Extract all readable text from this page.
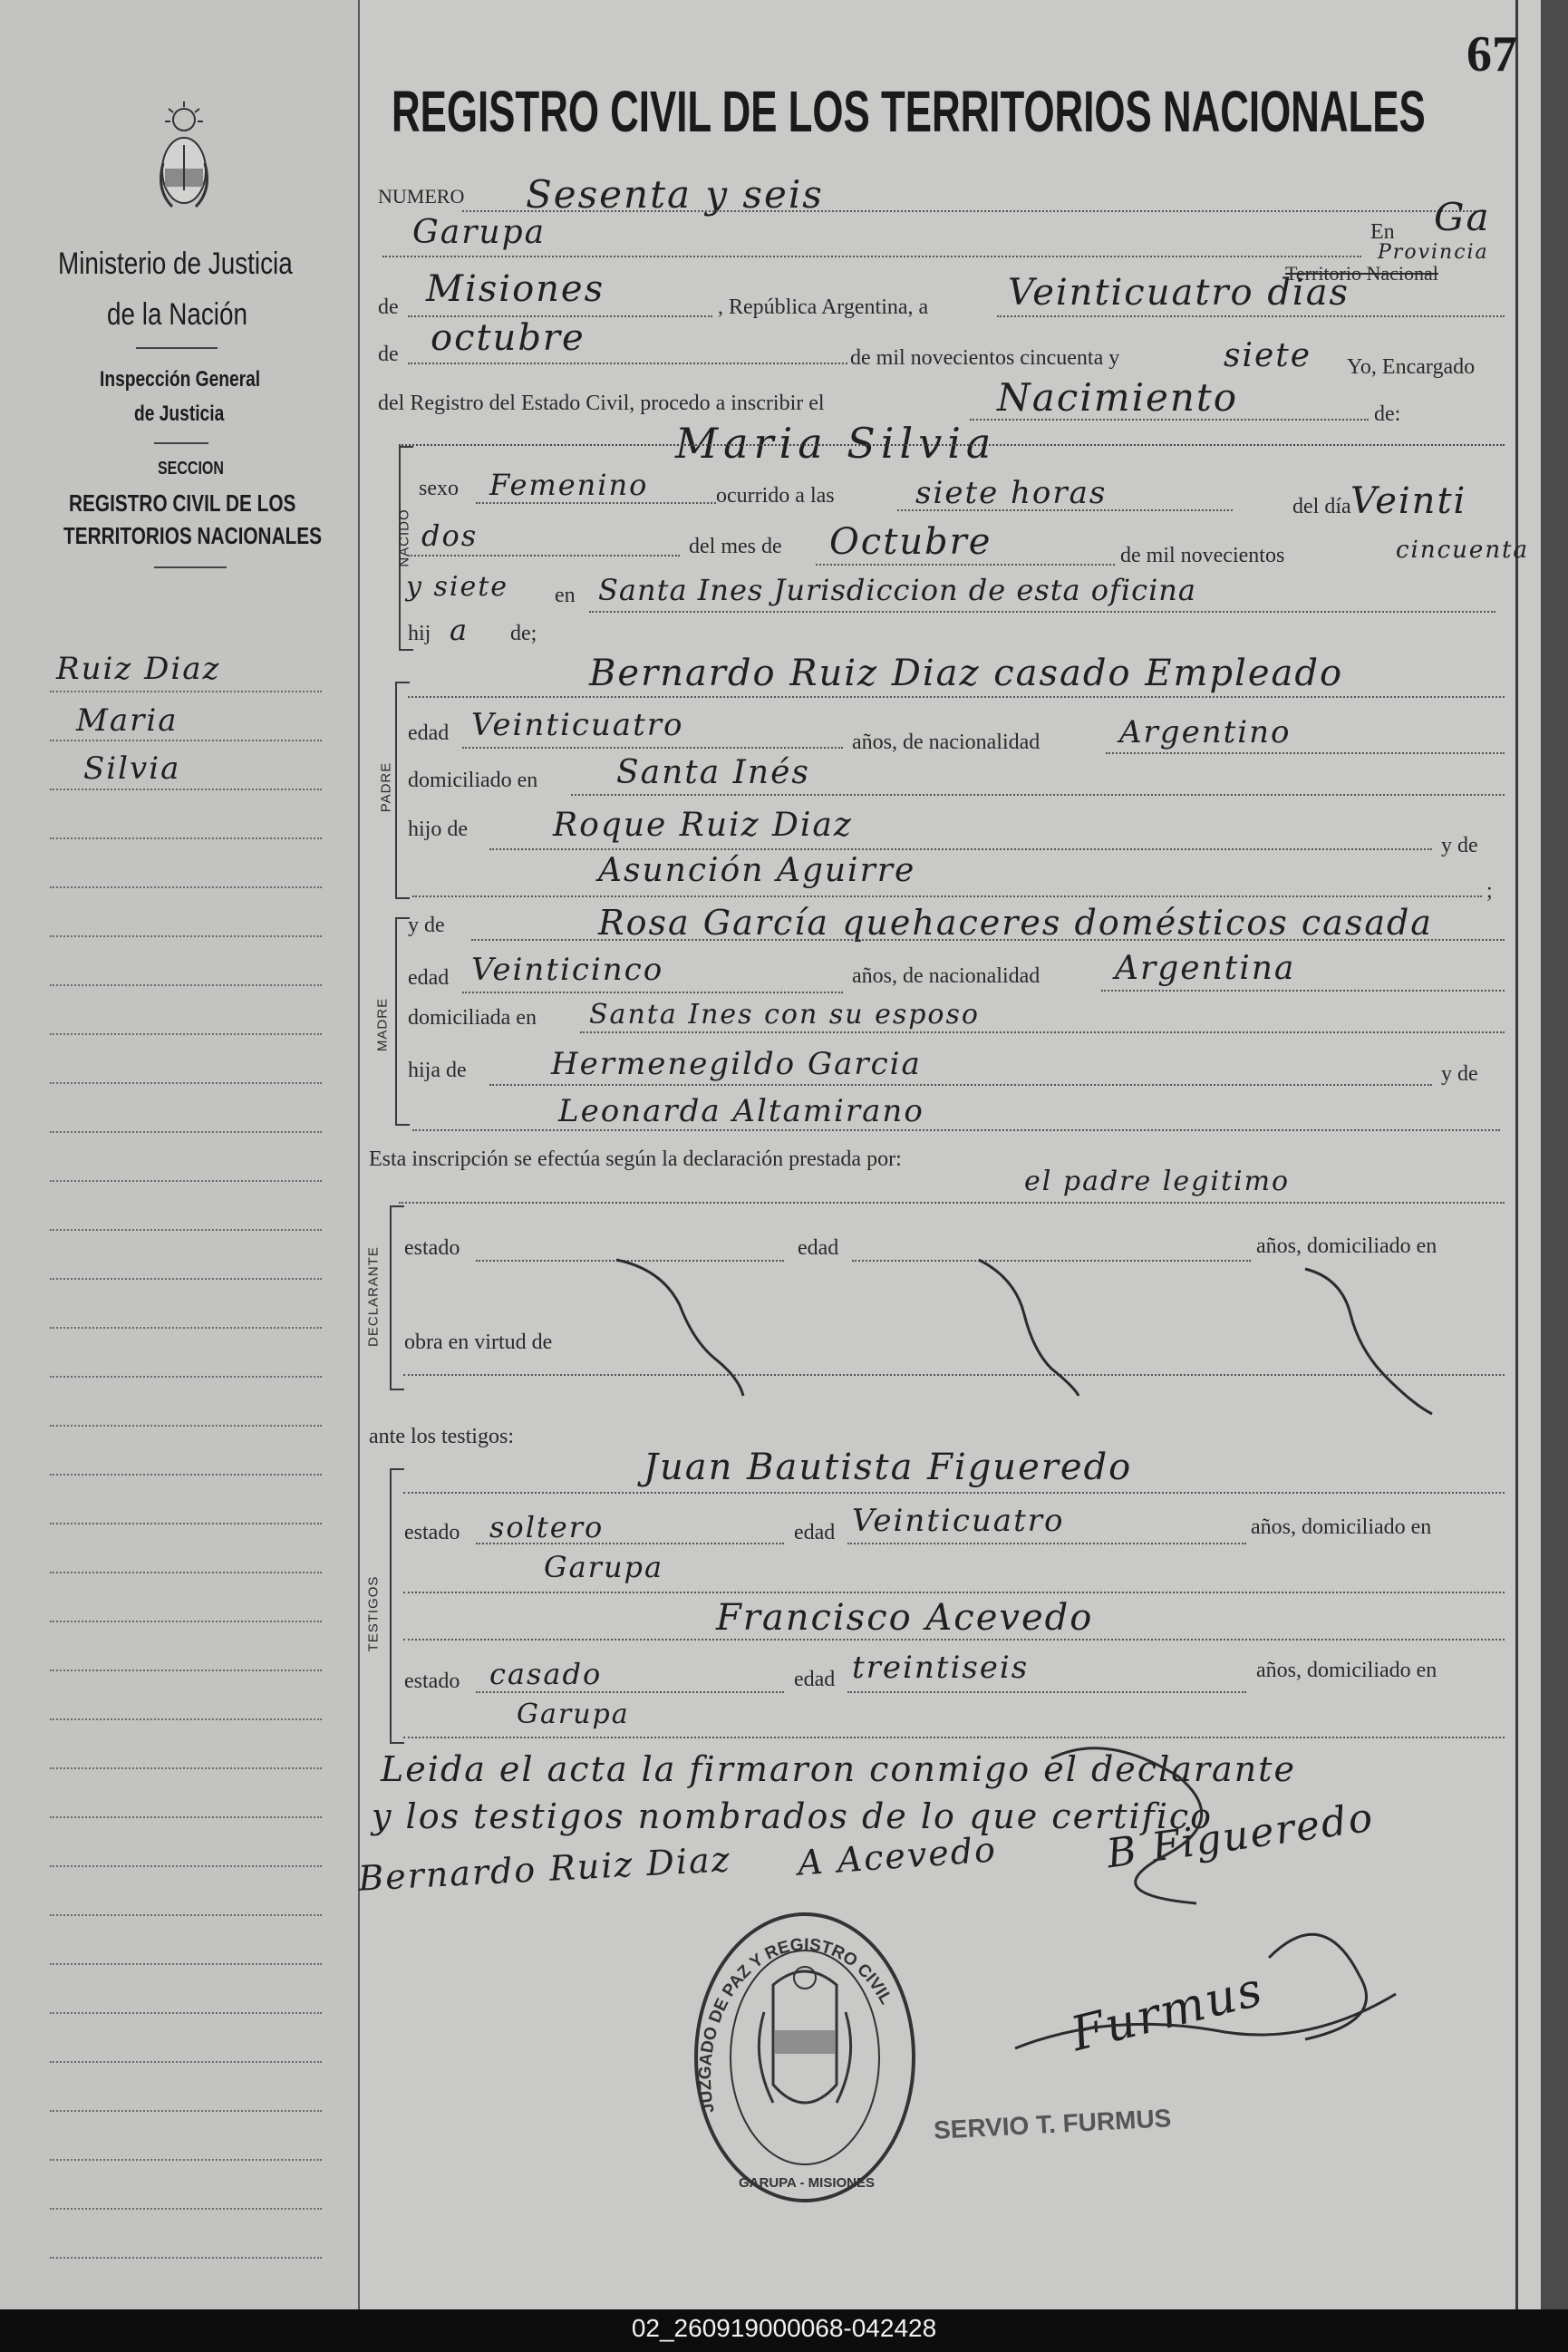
Ministerio de Justicia
de la Nación
Inspección General
de Justicia
SECCION
REGISTRO CIVIL DE LOS
TERRITORIOS NACIONALES
Ruiz Diaz
Maria
Silvia
67
REGISTRO CIVIL DE LOS TERRITORIOS NACIONALES
NUMERO Sesenta y seis
Garupa	En Ga
Provincia
Territorio Nacional
de Misiones	, República Argentina, a Veinticuatro dias
de octubre	de mil novecientos cincuenta y	siete Yo, Encargado
del Registro del Estado Civil, procedo a inscribir el	Nacimiento	de:
Maria Silvia
NACIDO
sexo Femenino	ocurrido a las	siete horas	del día Veinti
dos	del mes de Octubre	de mil novecientos	cincuenta
y siete en Santa Ines Jurisdiccion de esta oficina
hij a de;
PADRE
Bernardo Ruiz Diaz casado Empleado
edad Veinticuatro	años, de nacionalidad	Argentino
domiciliado en Santa Inés
hijo de	Roque Ruiz Diaz
y de
Asunción Aguirre
;
MADRE
y de	Rosa García quehaceres domésticos casada
edad Veinticinco	años, de nacionalidad Argentina
domiciliada en Santa Ines con su esposo
hija de	Hermenegildo Garcia	y de
Leonarda Altamirano
Esta inscripción se efectúa según la declaración prestada por:
el padre legitimo
DECLARANTE estado	edad	años, domiciliado en
obra en virtud de
ante los testigos:
TESTIGOS
Juan Bautista Figueredo
estado soltero	edad Veinticuatro	años, domiciliado en
Garupa
Francisco Acevedo
estado casado	edad treintiseis	años, domiciliado en
Garupa
Leida el acta la firmaron conmigo el declarante
y los testigos nombrados de lo que certifico
Bernardo Ruiz Diaz A Acevedo	B Figueredo
Furmus
JUZGADO DE PAZ Y REGISTRO CIVIL
GARUPA - MISIONES
SERVIO T. FURMUS
02_260919000068-042428
